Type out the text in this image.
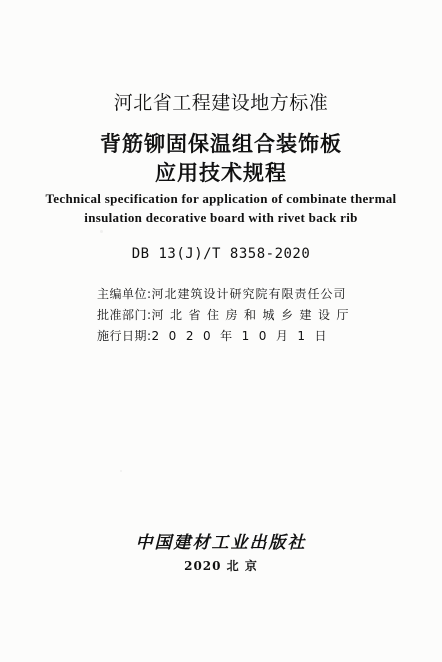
河北省工程建设地方标准
背筋铆固保温组合装饰板
应用技术规程
Technical specification for application of combinate thermal
insulation decorative board with rivet back rib
DB 13(J)/T 8358-2020
主编单位:河北建筑设计研究院有限责任公司
批准部门:河北省住房和城乡建设厅
施行日期:2020年10月1日
中国建材工业出版社
2020 北 京
